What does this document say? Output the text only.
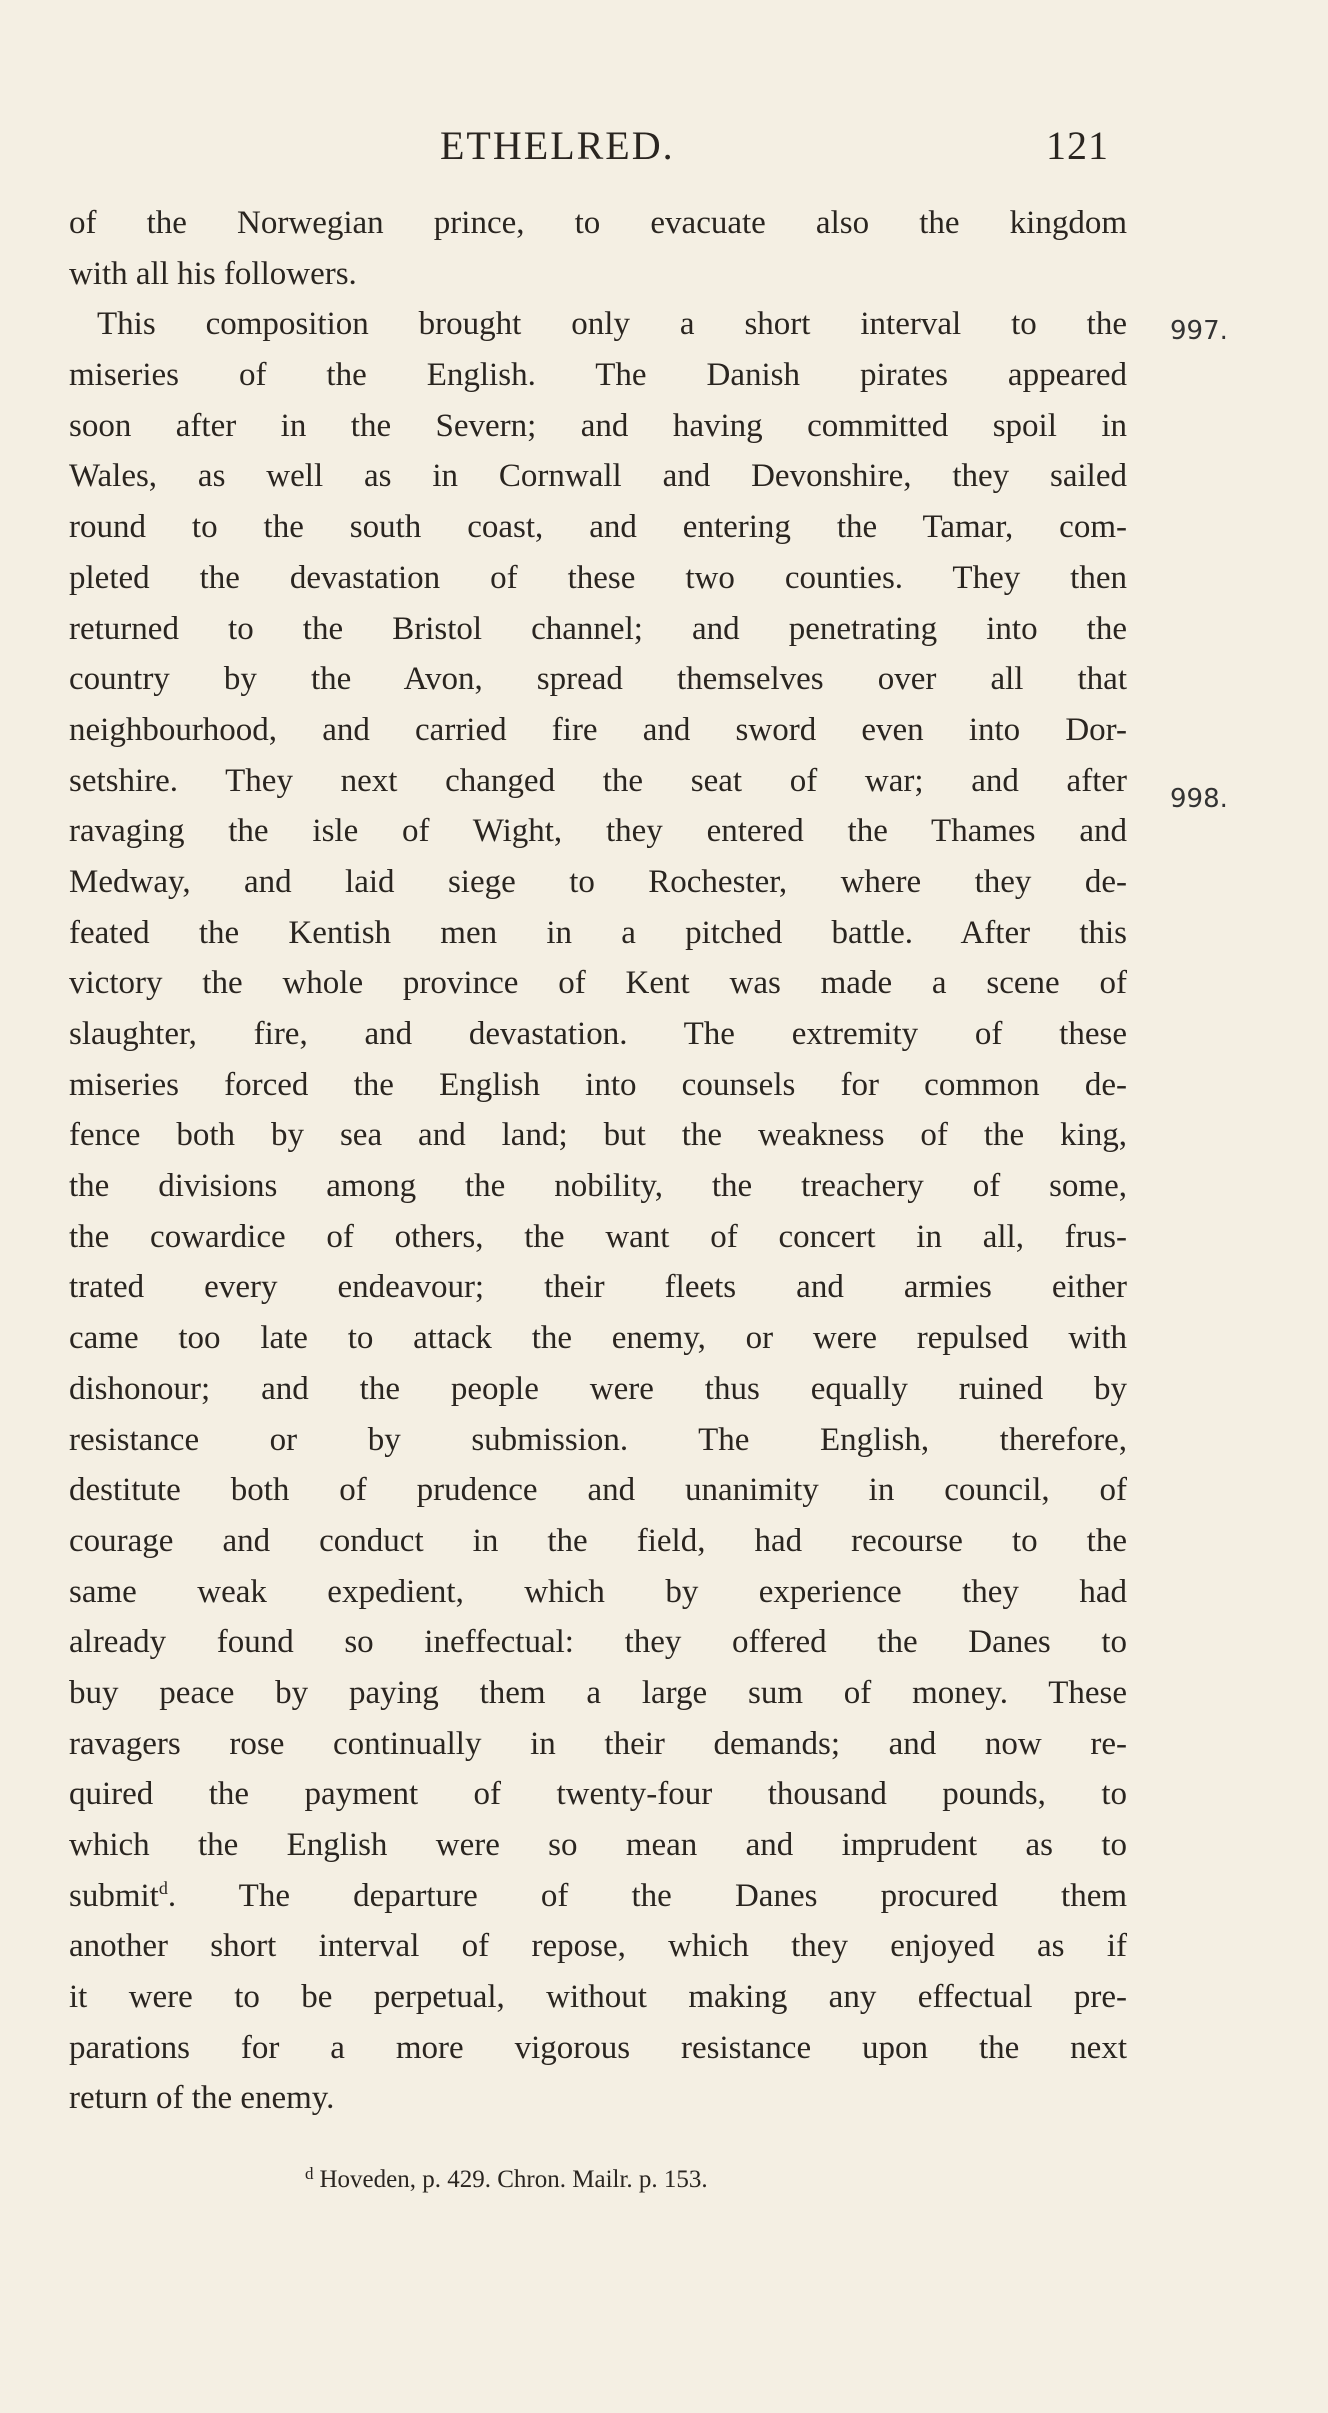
ETHELRED.	121
997.
998.
of the Norwegian prince, to evacuate also the kingdom
with all his followers.
This composition brought only a short interval to the
miseries of the English. The Danish pirates appeared
soon after in the Severn; and having committed spoil in
Wales, as well as in Cornwall and Devonshire, they sailed
round to the south coast, and entering the Tamar, com-
pleted the devastation of these two counties. They then
returned to the Bristol channel; and penetrating into the
country by the Avon, spread themselves over all that
neighbourhood, and carried fire and sword even into Dor-
setshire. They next changed the seat of war; and after
ravaging the isle of Wight, they entered the Thames and
Medway, and laid siege to Rochester, where they de-
feated the Kentish men in a pitched battle. After this
victory the whole province of Kent was made a scene of
slaughter, fire, and devastation. The extremity of these
miseries forced the English into counsels for common de-
fence both by sea and land; but the weakness of the king,
the divisions among the nobility, the treachery of some,
the cowardice of others, the want of concert in all, frus-
trated every endeavour; their fleets and armies either
came too late to attack the enemy, or were repulsed with
dishonour; and the people were thus equally ruined by
resistance or by submission. The English, therefore,
destitute both of prudence and unanimity in council, of
courage and conduct in the field, had recourse to the
same weak expedient, which by experience they had
already found so ineffectual: they offered the Danes to
buy peace by paying them a large sum of money. These
ravagers rose continually in their demands; and now re-
quired the payment of twenty-four thousand pounds, to
which the English were so mean and imprudent as to
submit$^d$. The departure of the Danes procured them
another short interval of repose, which they enjoyed as if
it were to be perpetual, without making any effectual pre-
parations for a more vigorous resistance upon the next
return of the enemy.
$^d$ Hoveden, p. 429. Chron. Mailr. p. 153.
